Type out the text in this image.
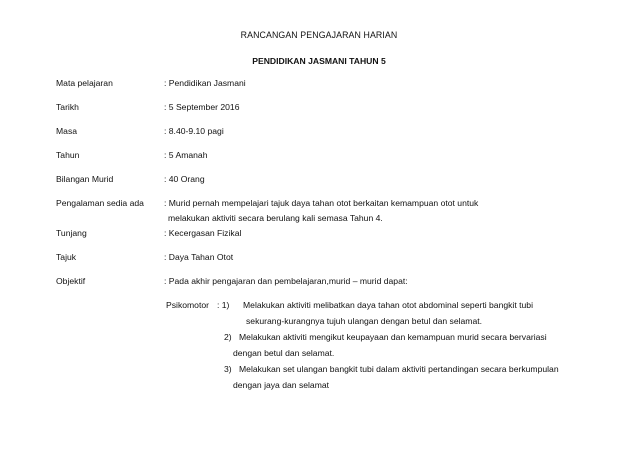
RANCANGAN PENGAJARAN HARIAN
PENDIDIKAN JASMANI TAHUN 5
Mata pelajaran	: Pendidikan Jasmani
Tarikh	: 5 September 2016
Masa	: 8.40-9.10 pagi
Tahun	: 5 Amanah
Bilangan Murid	: 40 Orang
Pengalaman sedia ada : Murid pernah mempelajari tajuk daya tahan otot berkaitan kemampuan otot untuk
melakukan aktiviti secara berulang kali semasa Tahun 4.
Tunjang	: Kecergasan Fizikal
Tajuk	: Daya Tahan Otot
Objektif	: Pada akhir pengajaran dan pembelajaran,murid – murid dapat:
Psikomotor : 1) Melakukan aktiviti melibatkan daya tahan otot abdominal seperti bangkit tubi
sekurang-kurangnya tujuh ulangan dengan betul dan selamat.
2) Melakukan aktiviti mengikut keupayaan dan kemampuan murid secara bervariasi
dengan betul dan selamat.
3) Melakukan set ulangan bangkit tubi dalam aktiviti pertandingan secara berkumpulan
dengan jaya dan selamat
